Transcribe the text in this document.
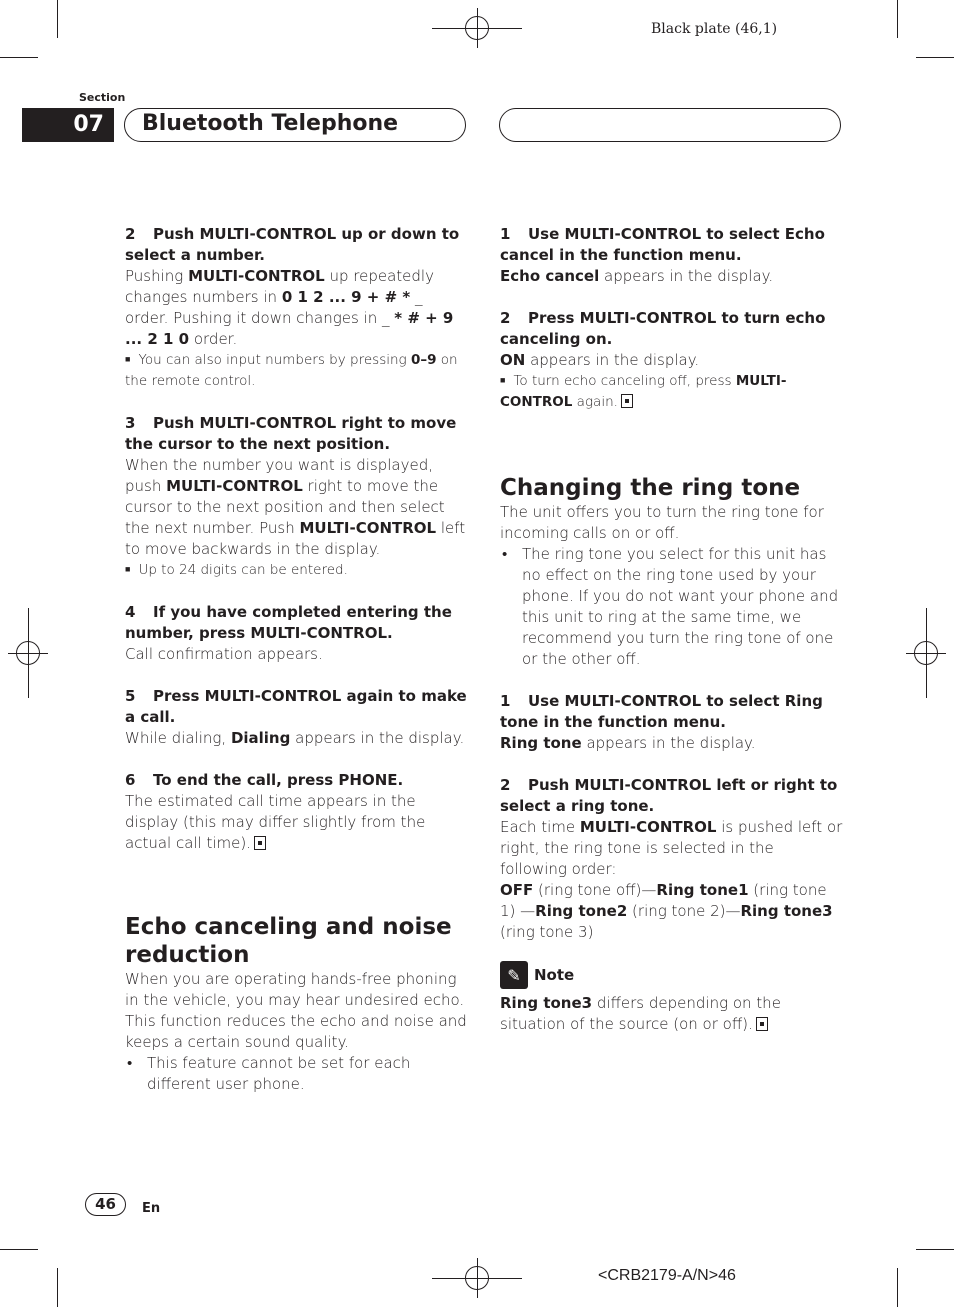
Black plate (46,1)
<CRB2179-A/N>46
Section
07	Bluetooth Telephone

2 Push MULTI-CONTROL up or down to select a number.

Pushing MULTI-CONTROL up repeatedly changes numbers in 0 1 2 ... 9 + # * _ order. Pushing it down changes in _ * # + 9 ... 2 1 0 order.

■ You can also input numbers by pressing 0–9 on the remote control.

3 Push MULTI-CONTROL right to move the cursor to the next position.

When the number you want is displayed, push MULTI-CONTROL right to move the cursor to the next position and then select the next number. Push MULTI-CONTROL left to move backwards in the display.

■ Up to 24 digits can be entered.

4 If you have completed entering the number, press MULTI-CONTROL.

Call confirmation appears.

5 Press MULTI-CONTROL again to make a call.

While dialing, Dialing appears in the display.

6 To end the call, press PHONE.

The estimated call time appears in the display (this may differ slightly from the actual call time).

Echo canceling and noise reduction

When you are operating hands-free phoning in the vehicle, you may hear undesired echo. This function reduces the echo and noise and keeps a certain sound quality.

• This feature cannot be set for each different user phone.

1 Use MULTI-CONTROL to select Echo cancel in the function menu.

Echo cancel appears in the display.

2 Press MULTI-CONTROL to turn echo canceling on.

ON appears in the display.

■ To turn echo canceling off, press MULTI-CONTROL again.

Changing the ring tone

The unit offers you to turn the ring tone for incoming calls on or off.

• The ring tone you select for this unit has no effect on the ring tone used by your phone. If you do not want your phone and this unit to ring at the same time, we recommend you turn the ring tone of one or the other off.

1 Use MULTI-CONTROL to select Ring tone in the function menu.

Ring tone appears in the display.

2 Push MULTI-CONTROL left or right to select a ring tone.

Each time MULTI-CONTROL is pushed left or right, the ring tone is selected in the following order:

OFF (ring tone off)—Ring tone1 (ring tone 1) —Ring tone2 (ring tone 2)—Ring tone3 (ring tone 3)

✎ Note

Ring tone3 differs depending on the situation of the source (on or off).

46	En
